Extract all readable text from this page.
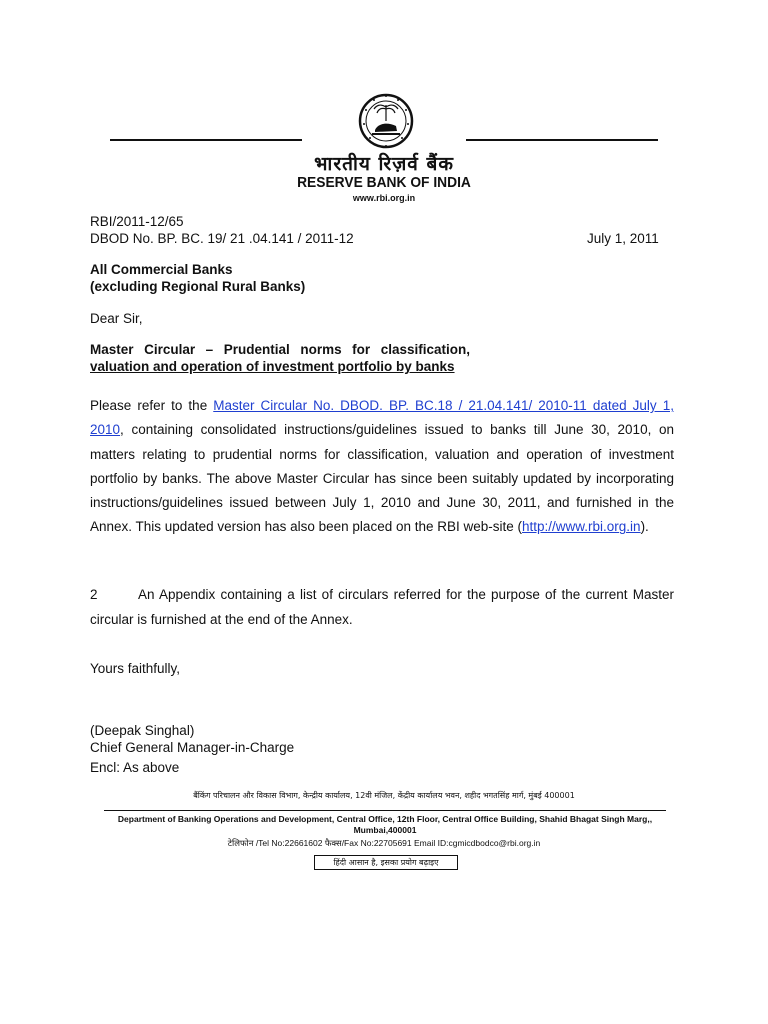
भारतीय रिज़र्व बैंक
RESERVE BANK OF INDIA
www.rbi.org.in
RBI/2011-12/65
DBOD No. BP. BC. 19/ 21 .04.141 / 2011-12	July 1, 2011
All Commercial Banks
(excluding Regional Rural Banks)
Dear Sir,
Master Circular – Prudential norms for classification,
valuation and operation of investment portfolio by banks
Please refer to the Master Circular No. DBOD. BP. BC.18 / 21.04.141/ 2010-11 dated July 1, 2010, containing consolidated instructions/guidelines issued to banks till June 30, 2010, on matters relating to prudential norms for classification, valuation and operation of investment portfolio by banks. The above Master Circular has since been suitably updated by incorporating instructions/guidelines issued between July 1, 2010 and June 30, 2011, and furnished in the Annex. This updated version has also been placed on the RBI web-site (http://www.rbi.org.in).
2	An Appendix containing a list of circulars referred for the purpose of the current Master circular is furnished at the end of the Annex.
Yours faithfully,
(Deepak Singhal)
Chief General Manager-in-Charge
Encl: As above
बैंकिंग परिचालन और विकास विभाग, केन्द्रीय कार्यालय, 12वी मंजिल, केंद्रीय कार्यालय भवन, शहीद भगतसिंह मार्ग, मुंबई 400001
Department of Banking Operations and Development, Central Office, 12th Floor, Central Office Building, Shahid Bhagat Singh Marg,, Mumbai,400001
टेलिफोन /Tel No:22661602 फैक्स/Fax No:22705691 Email ID:cgmicdbodco@rbi.org.in
हिंदी आसान है, इसका प्रयोग बढ़ाइए
